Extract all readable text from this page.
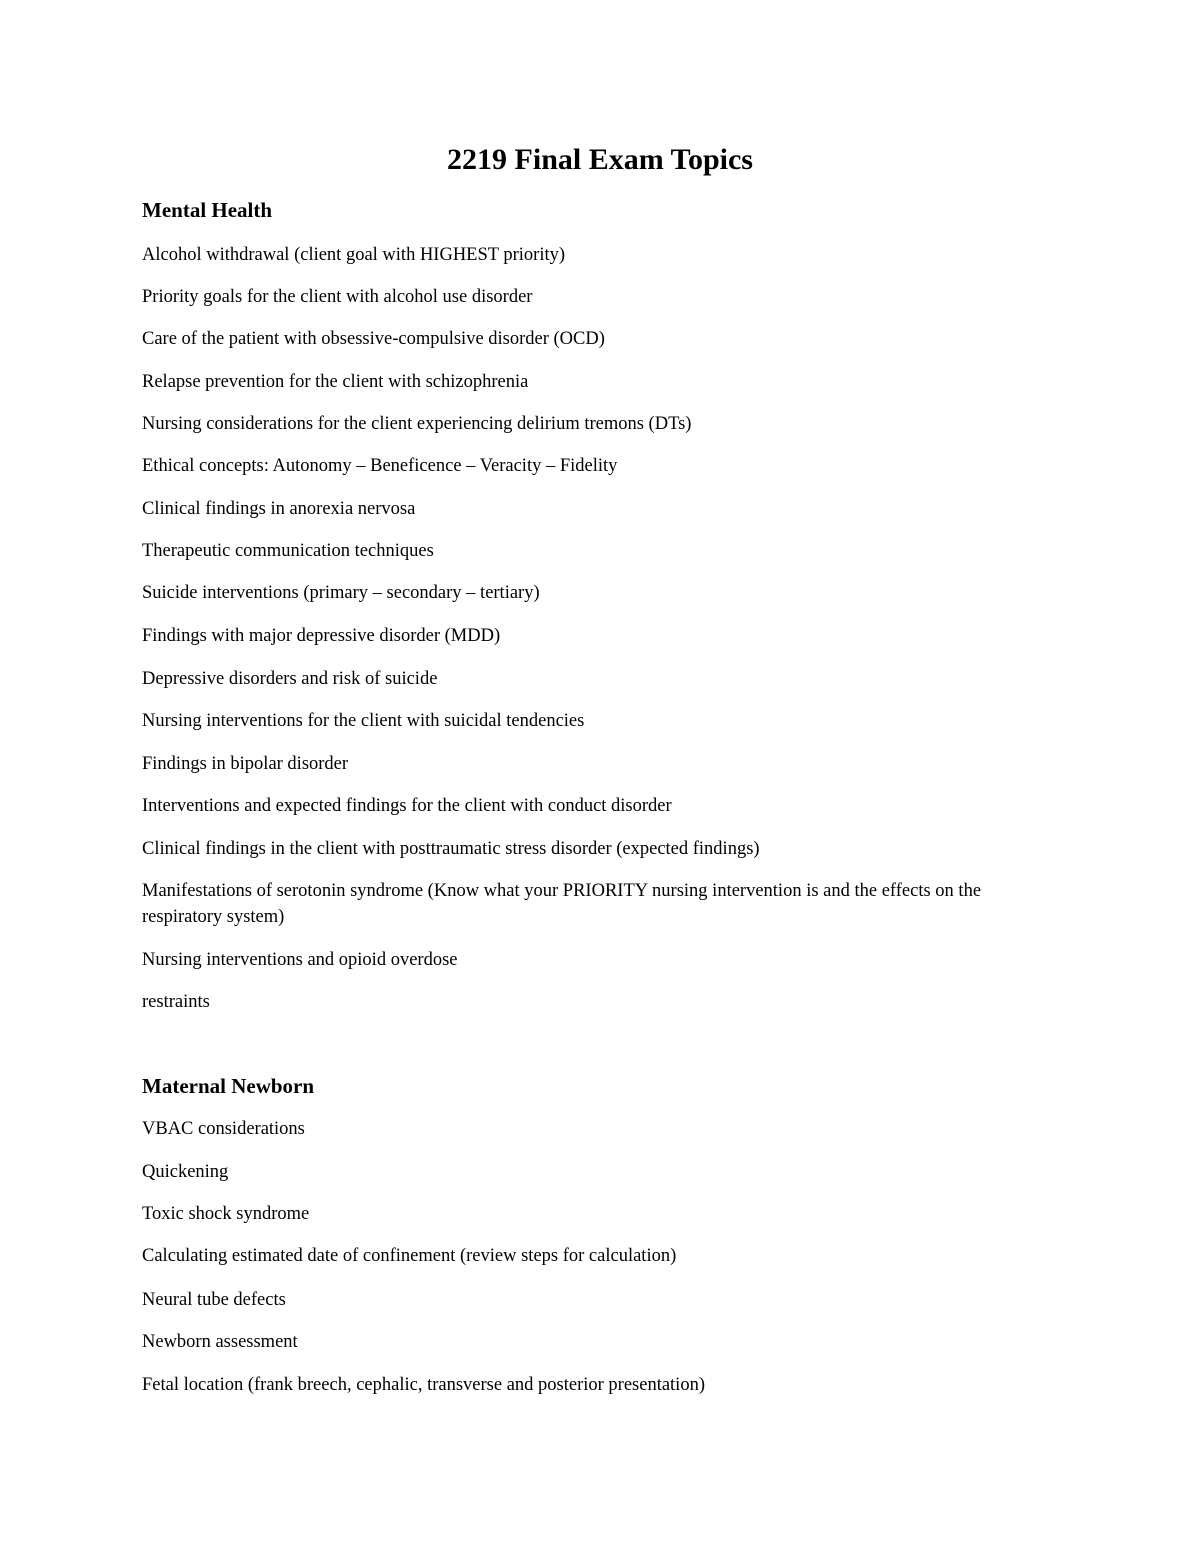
2219 Final Exam Topics
Mental Health

Alcohol withdrawal (client goal with HIGHEST priority)

Priority goals for the client with alcohol use disorder

Care of the patient with obsessive-compulsive disorder (OCD)

Relapse prevention for the client with schizophrenia

Nursing considerations for the client experiencing delirium tremons (DTs)

Ethical concepts: Autonomy – Beneficence – Veracity – Fidelity

Clinical findings in anorexia nervosa

Therapeutic communication techniques

Suicide interventions (primary – secondary – tertiary)

Findings with major depressive disorder (MDD)

Depressive disorders and risk of suicide

Nursing interventions for the client with suicidal tendencies

Findings in bipolar disorder

Interventions and expected findings for the client with conduct disorder

Clinical findings in the client with posttraumatic stress disorder (expected findings)

Manifestations of serotonin syndrome (Know what your PRIORITY nursing intervention is and the effects on the respiratory system)

Nursing interventions and opioid overdose

restraints

Maternal Newborn

VBAC considerations

Quickening

Toxic shock syndrome

Calculating estimated date of confinement (review steps for calculation)

Neural tube defects

Newborn assessment

Fetal location (frank breech, cephalic, transverse and posterior presentation)
